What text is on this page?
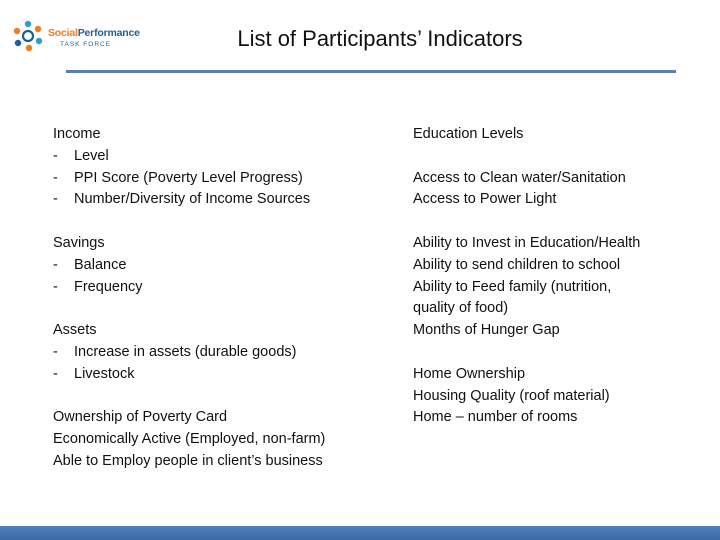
SocialPerformance
TASK FORCE	List of Participants’ Indicators
Income
-	Level
-	PPI Score (Poverty Level Progress)
-	Number/Diversity of Income Sources
Savings
-	Balance
-	Frequency
Assets
-	Increase in assets (durable goods)
-	Livestock
Ownership of Poverty Card
Economically Active (Employed, non-farm)
Able to Employ people in client’s business
Education Levels
Access to Clean water/Sanitation
Access to Power Light
Ability to Invest in Education/Health
Ability to send children to school
Ability to Feed family (nutrition,
quality of food)
Months of Hunger Gap
Home Ownership
Housing Quality (roof material)
Home – number of rooms
